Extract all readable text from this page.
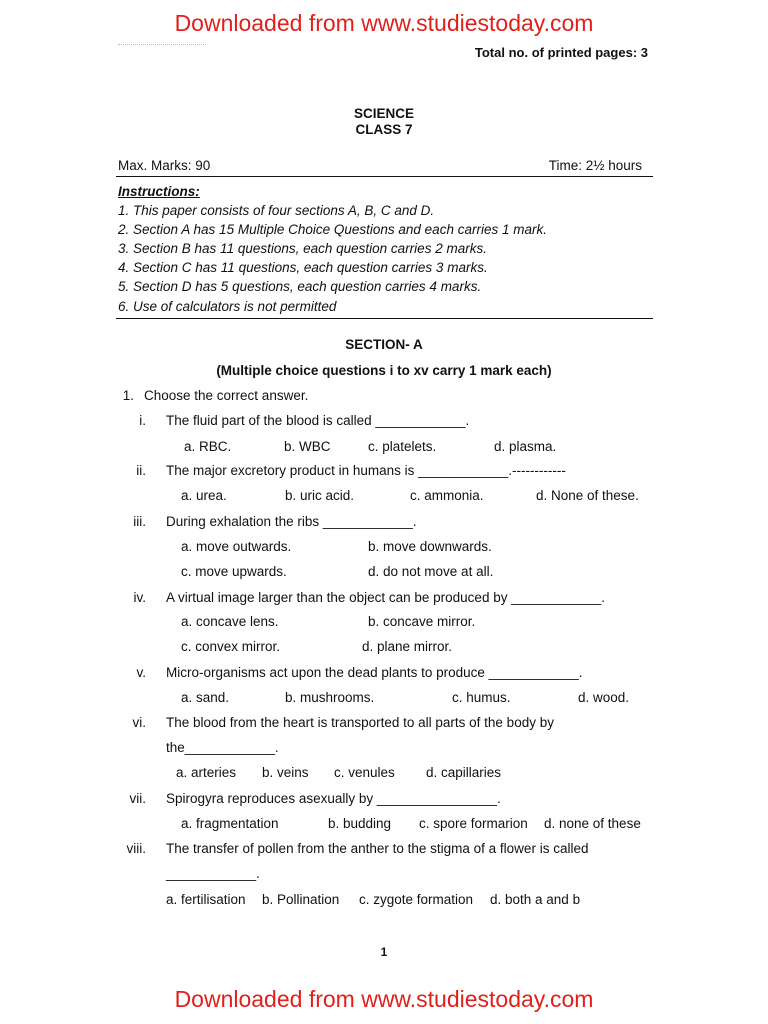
Downloaded from www.studiestoday.com
Total no. of printed pages: 3
SCIENCE
CLASS 7
Max. Marks: 90	Time: 2½ hours
Instructions:
1. This paper consists of four sections A, B, C and D.
2. Section A has 15 Multiple Choice Questions and each carries 1 mark.
3. Section B has 11 questions, each question carries 2 marks.
4. Section C has 11 questions, each question carries 3 marks.
5. Section D has 5 questions, each question carries 4 marks.
6. Use of calculators is not permitted
SECTION- A
(Multiple choice questions i to xv carry 1 mark each)
1. Choose the correct answer.
i. The fluid part of the blood is called ____________.
a. RBC.	b. WBC	c. platelets.	d. plasma.
ii. The major excretory product in humans is ____________.------------
a. urea.	b. uric acid.	c. ammonia.	d. None of these.
iii. During exhalation the ribs ____________.
a. move outwards.	b. move downwards.
c. move upwards.	d. do not move at all.
iv. A virtual image larger than the object can be produced by ____________.
a. concave lens.	b. concave mirror.
c. convex mirror.	d. plane mirror.
v. Micro-organisms act upon the dead plants to produce ____________.
a. sand.	b. mushrooms.	c. humus.	d. wood.
vi. The blood from the heart is transported to all parts of the body by
the____________.
a. arteries b. veins c. venules d. capillaries
vii. Spirogyra reproduces asexually by ________________.
a. fragmentation	b. budding c. spore formarion d. none of these
viii. The transfer of pollen from the anther to the stigma of a flower is called
____________.
a. fertilisation b. Pollination c. zygote formation d. both a and b
1
Downloaded from www.studiestoday.com
